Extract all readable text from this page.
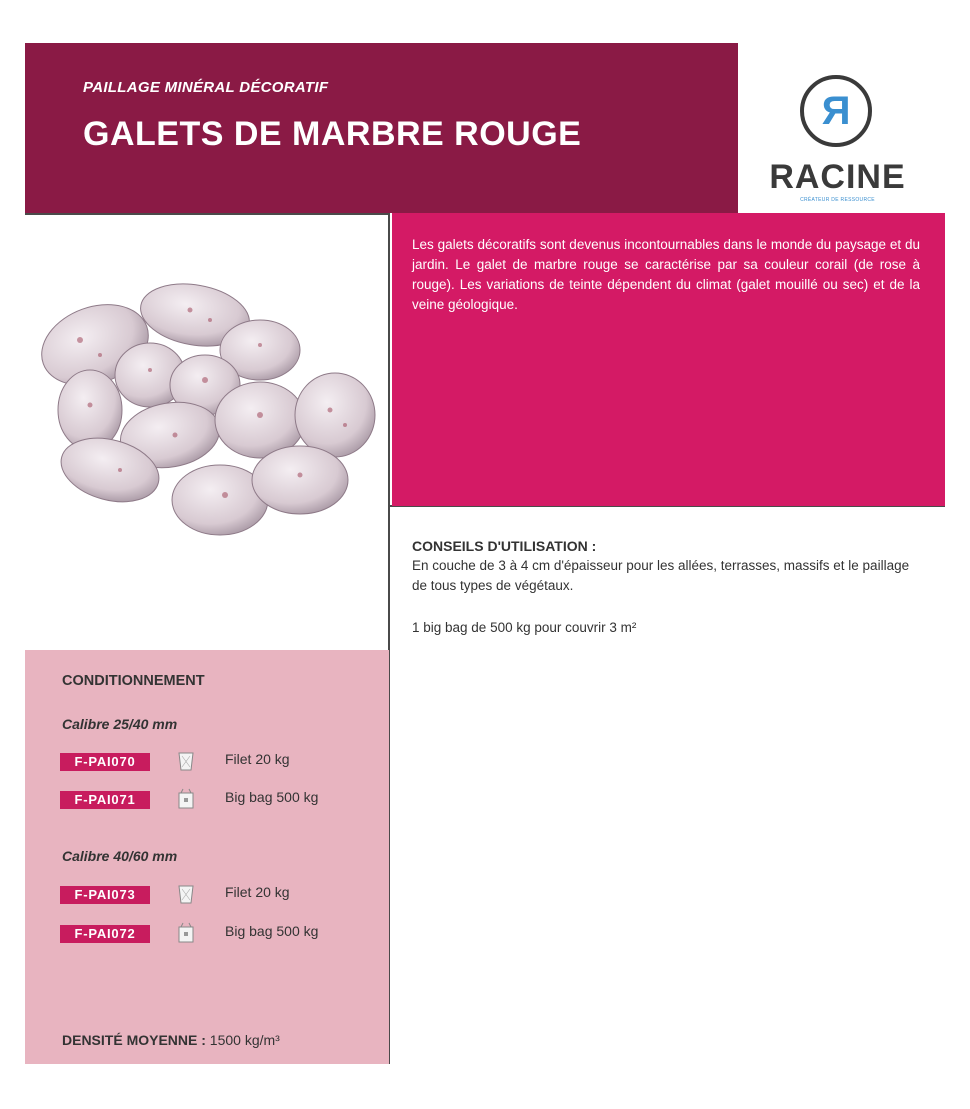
PAILLAGE MINÉRAL DÉCORATIF
GALETS DE MARBRE ROUGE
R
RACINE
CRÉATEUR DE RESSOURCE

Les galets décoratifs sont devenus incontournables dans le monde du paysage et du jardin. Le galet de marbre rouge se caractérise par sa couleur corail (de rose à rouge). Les variations de teinte dépendent du climat (galet mouillé ou sec) et de la veine géologique.

CONSEILS D'UTILISATION :
En couche de 3 à 4 cm d'épaisseur pour les allées, terrasses, massifs et le paillage de tous types de végétaux.
1 big bag de 500 kg pour couvrir 3 m²
CONDITIONNEMENT
Calibre 25/40 mm
F-PAI070	Filet 20 kg
F-PAI071	Big bag 500 kg
Calibre 40/60 mm
F-PAI073	Filet 20 kg
F-PAI072	Big bag 500 kg
DENSITÉ MOYENNE : 1500 kg/m³
